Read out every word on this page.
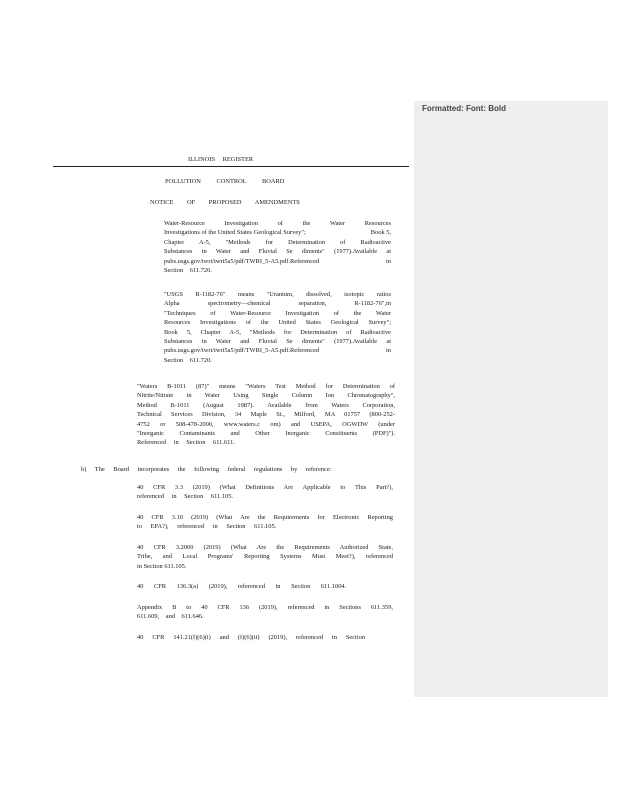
Formatted: Font: Bold
ILLINOIS REGISTER
POLLUTION CONTROL BOARD
NOTICE OF PROPOSED AMENDMENTS
Water-Resource Investigation of the Water Resources
Investigations of the United States Geological Survey";	Book 5,
Chapter A-5, "Methods for Determination of Radioactive
Substances in Water and Fluvial Se diments" (1977).Available at
pubs.usgs.gov/twri/twri5a5/pdf/TWRI_5-A5.pdf.Referenced	in
Section 611.720.
"USGS R-1182-76" means "Uranium, dissolved, isotopic ratios
Alpha spectrometry—chemical separation, R-1182-76",in
"Techniques of Water-Resource Investigation of the Water
Resources Investigations of the United States Geological Survey";
Book 5, Chapter A-5, "Methods for Determination of Radioactive
Substances in Water and Fluvial Se diments" (1977).Available at
pubs.usgs.gov/twri/twri5a5/pdf/TWRI_5-A5.pdf.Referenced	in
Section 611.720.
"Waters B-1011 (87)" means "Waters Test Method for Determination of
Nitrite/Nitrate in Water Using Single Column Ion Chromatography",
Method B-1011 (August 1987). Available from Waters Corporation,
Technical Services Division, 34 Maple St., Milford, MA 01757 (800-252-
4752 or 508-478-2000, www.waters.c om) and USEPA, OGWDW (under
"Inorganic Contaminants and Other Inorganic Constituents (PDF)").
Referenced in Section 611.611.
b) The Board incorporates the following federal regulations by reference:
40 CFR 3.3 (2019) (What Definitions Are Applicable to This Part?),
referenced in Section 611.105.
40 CFR 3.10 (2019) (What Are the Requirements for Electronic Reporting
to EPA?), referenced in Section 611.105.
40 CFR 3.2000 (2019) (What Are the Requirements Authorized State,
Tribe, and Local Programs' Reporting Systems Must Meet?), referenced
in Section 611.105.
40 CFR 136.3(a) (2019), referenced in Section 611.1004.
Appendix B to 40 CFR 136 (2019), referenced in Sections 611.359,
611.609, and 611.646.
40 CFR 141.21(f)(6)(i) and (f)(6)(ii) (2019), referenced in Section
